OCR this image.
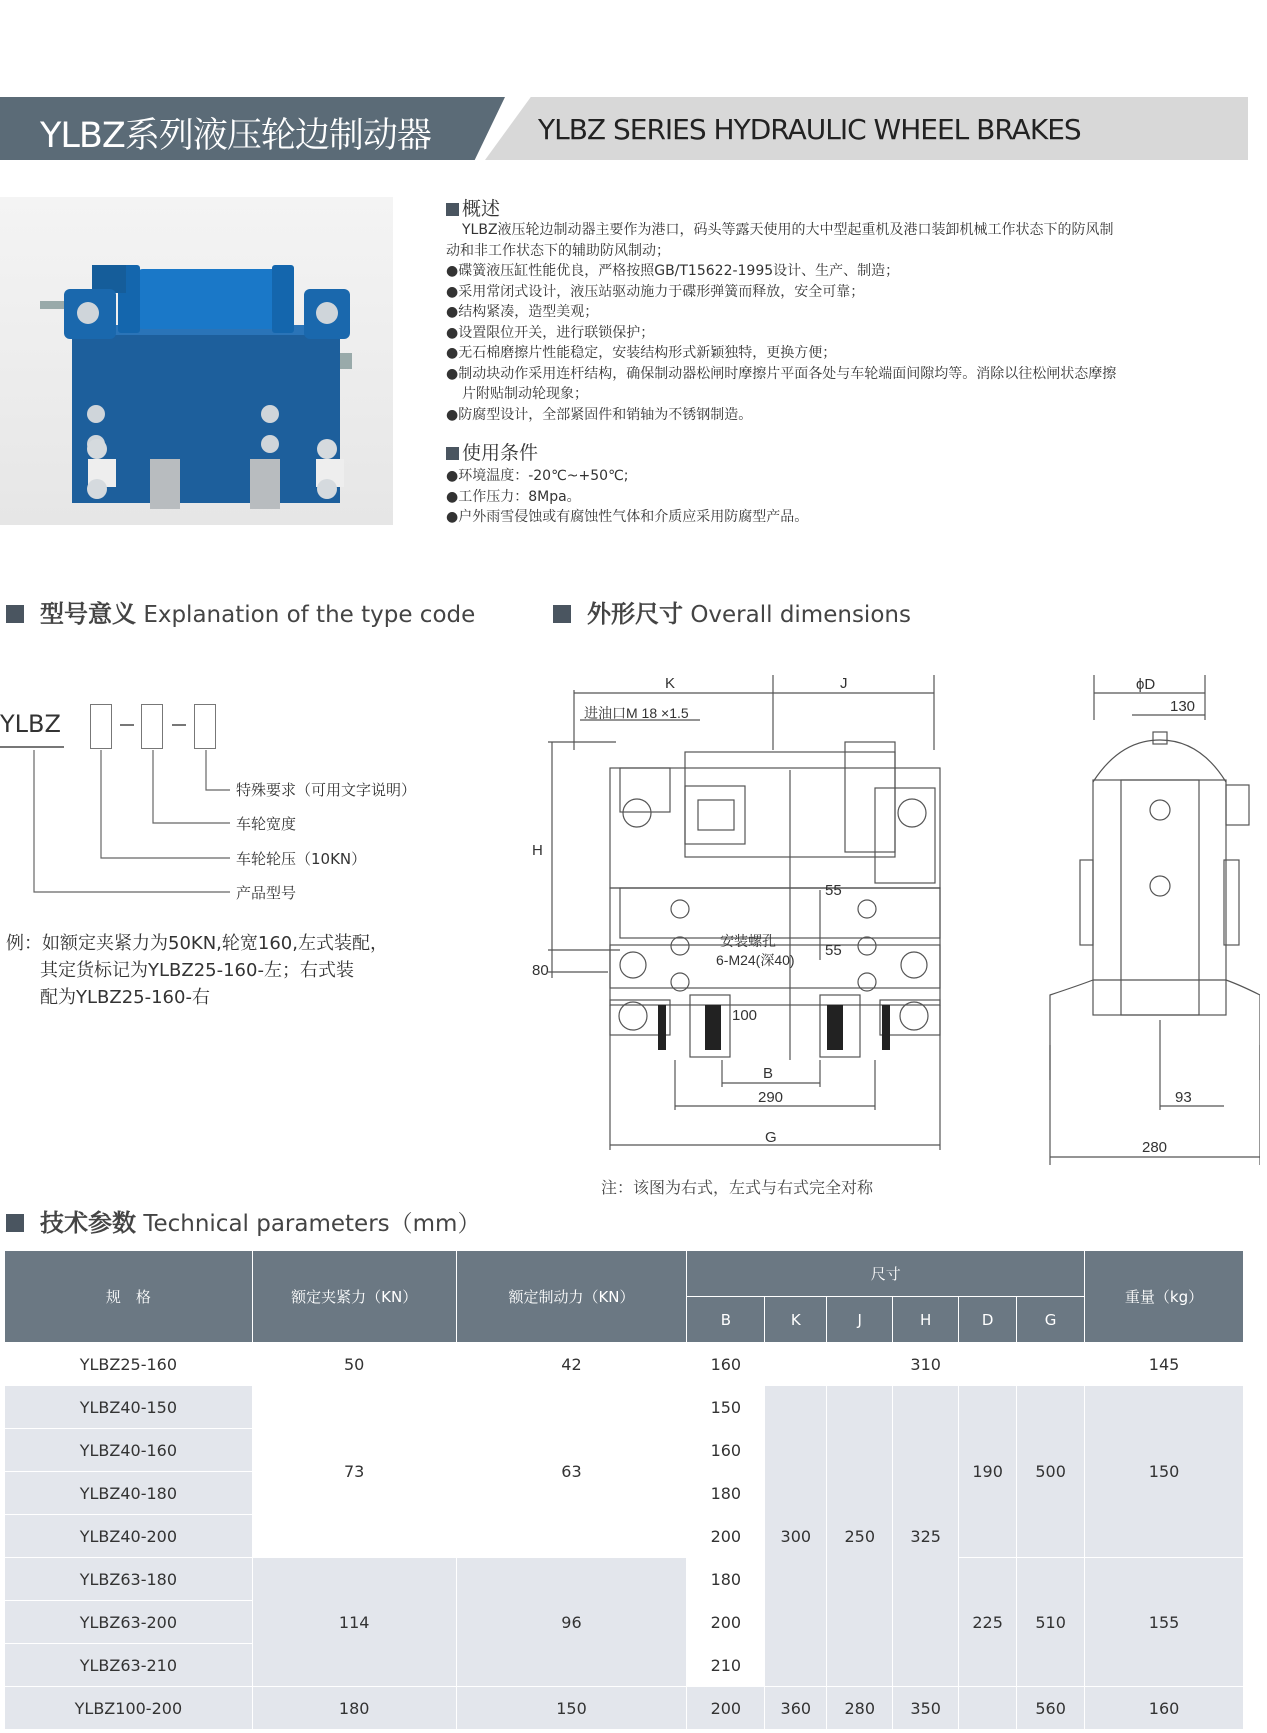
YLBZ系列液压轮边制动器	YLBZ SERIES HYDRAULIC WHEEL BRAKES
概述

YLBZ液压轮边制动器主要作为港口，码头等露天使用的大中型起重机及港口装卸机械工作状态下的防风制

动和非工作状态下的辅助防风制动；

●碟簧液压缸性能优良，严格按照GB/T15622-1995设计、生产、制造；

●采用常闭式设计，液压站驱动施力于碟形弹簧而释放，安全可靠；

●结构紧凑，造型美观；

●设置限位开关，进行联锁保护；

●无石棉磨擦片性能稳定，安装结构形式新颖独特，更换方便；

●制动块动作采用连杆结构，确保制动器松闸时摩擦片平面各处与车轮端面间隙均等。消除以往松闸状态摩擦

片附贴制动轮现象；

●防腐型设计，全部紧固件和销轴为不锈钢制造。

使用条件

●环境温度：-20℃~+50℃;

●工作压力：8Mpa。

●户外雨雪侵蚀或有腐蚀性气体和介质应采用防腐型产品。

型号意义 Explanation of the type code
YLBZ
特殊要求（可用文字说明）
车轮宽度
车轮轮压（10KN）
产品型号
例：如额定夹紧力为50KN,轮宽160,左式装配，
其定货标记为YLBZ25-160-左；右式装
配为YLBZ25-160-右
外形尺寸 Overall dimensions
K	J
进油口M 18 ×1.5
H
80
安装螺孔
6-M24(深40)
55
55
100
B
290
G
ϕD
130
93
280
注：该图为右式，左式与右式完全对称
技术参数 Technical parameters（mm）
规　格	额定夹紧力（KN）	额定制动力（KN）	尺寸						重量（kg）
			B	K	J	H	D	G	
YLBZ25-160	50	42	160			310			145
YLBZ40-150	73	63	150	300	250	325	190	500	150
YLBZ40-160			160						
YLBZ40-180			180						
YLBZ40-200			200						
YLBZ63-180	114	96	180				225	510	155
YLBZ63-200			200						
YLBZ63-210			210						
YLBZ100-200	180	150	200	360	280	350		560	160
